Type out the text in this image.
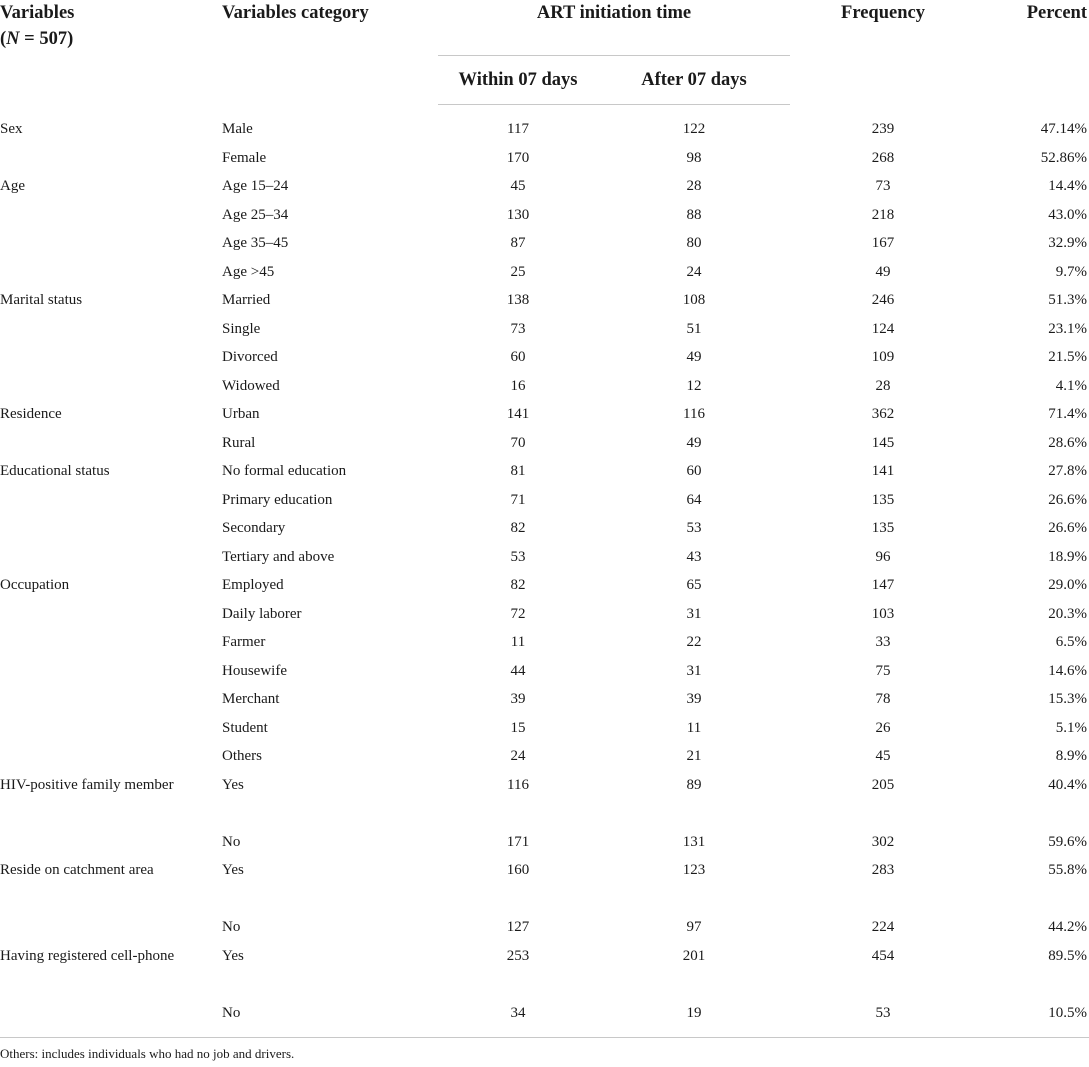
Variables
(N = 507)	Variables category	ART initiation time		Frequency	Percent
		Within 07 days	After 07 days		
Sex	Male	117	122	239	47.14%
	Female	170	98	268	52.86%
Age	Age 15–24	45	28	73	14.4%
	Age 25–34	130	88	218	43.0%
	Age 35–45	87	80	167	32.9%
	Age >45	25	24	49	9.7%
Marital status	Married	138	108	246	51.3%
	Single	73	51	124	23.1%
	Divorced	60	49	109	21.5%
	Widowed	16	12	28	4.1%
Residence	Urban	141	116	362	71.4%
	Rural	70	49	145	28.6%
Educational status	No formal education	81	60	141	27.8%
	Primary education	71	64	135	26.6%
	Secondary	82	53	135	26.6%
	Tertiary and above	53	43	96	18.9%
Occupation	Employed	82	65	147	29.0%
	Daily laborer	72	31	103	20.3%
	Farmer	11	22	33	6.5%
	Housewife	44	31	75	14.6%
	Merchant	39	39	78	15.3%
	Student	15	11	26	5.1%
	Others	24	21	45	8.9%
HIV-positive family member	Yes	116	89	205	40.4%
	No	171	131	302	59.6%
Reside on catchment area	Yes	160	123	283	55.8%
	No	127	97	224	44.2%
Having registered cell-phone	Yes	253	201	454	89.5%
	No	34	19	53	10.5%
Others: includes individuals who had no job and drivers.
